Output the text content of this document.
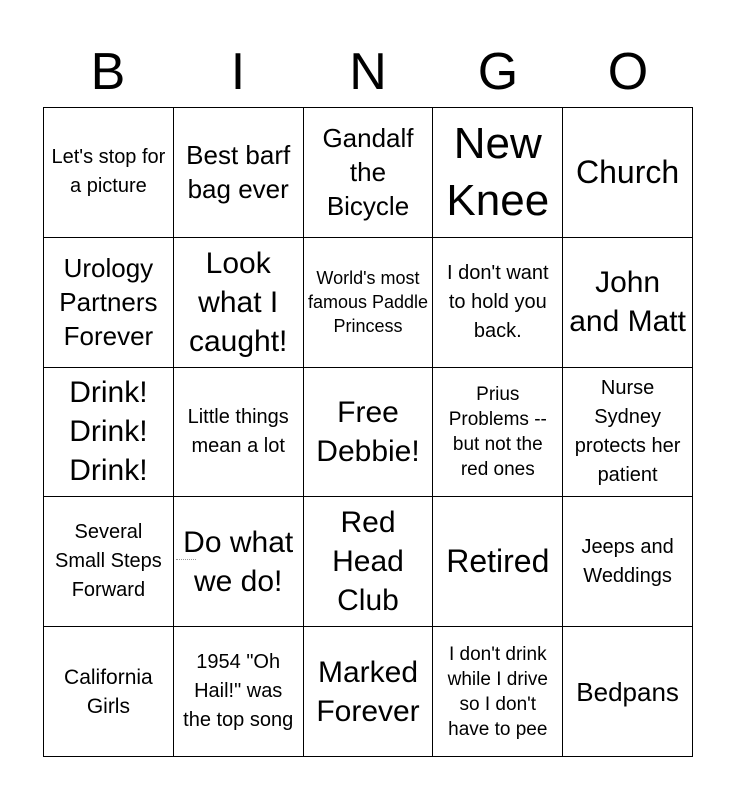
B	I	N	G	O
Let's stop for a picture
Best barf bag ever
Gandalf the Bicycle
New Knee
Church
Urology Partners Forever
Look what I caught!
World's most famous Paddle Princess
I don't want to hold you back.
John and Matt
Drink! Drink! Drink!
Little things mean a lot
Free Debbie!
Prius Problems -- but not the red ones
Nurse Sydney protects her patient
Several Small Steps Forward
Do what we do!
Red Head Club
Retired	Jeeps and Weddings
California Girls
1954 "Oh Hail!" was the top song
Marked Forever
I don't drink while I drive so I don't have to pee
Bedpans
